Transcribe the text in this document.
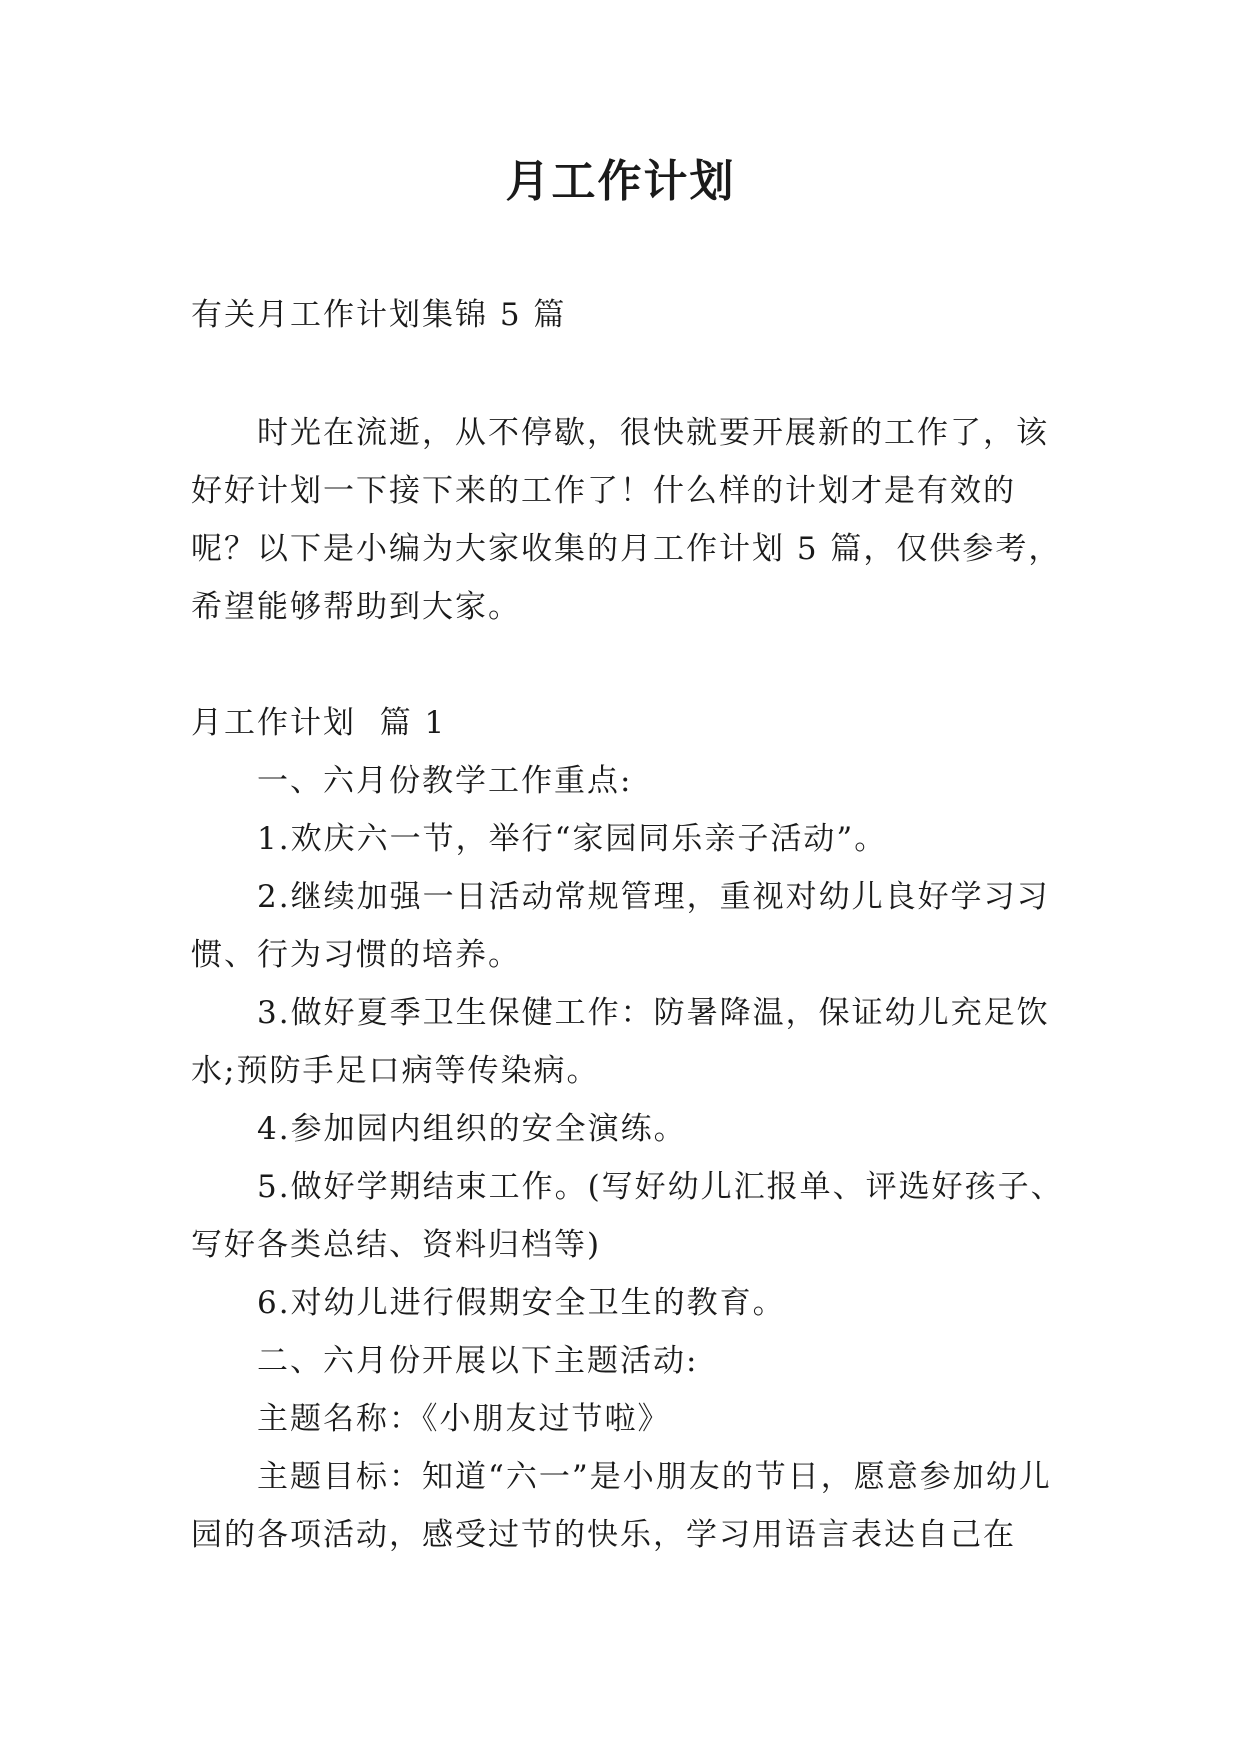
月工作计划

有关月工作计划集锦 5 篇

时光在流逝，从不停歇，很快就要开展新的工作了，该好好计划一下接下来的工作了！什么样的计划才是有效的呢？以下是小编为大家收集的月工作计划 5 篇，仅供参考，希望能够帮助到大家。

月工作计划  篇 1

一、六月份教学工作重点:

1.欢庆六一节，举行“家园同乐亲子活动”。

2.继续加强一日活动常规管理，重视对幼儿良好学习习惯、行为习惯的培养。

3.做好夏季卫生保健工作：防暑降温，保证幼儿充足饮水;预防手足口病等传染病。

4.参加园内组织的安全演练。

5.做好学期结束工作。(写好幼儿汇报单、评选好孩子、写好各类总结、资料归档等)

6.对幼儿进行假期安全卫生的教育。

二、六月份开展以下主题活动:

主题名称：《小朋友过节啦》

主题目标：知道“六一”是小朋友的节日，愿意参加幼儿园的各项活动，感受过节的快乐，学习用语言表达自己在
